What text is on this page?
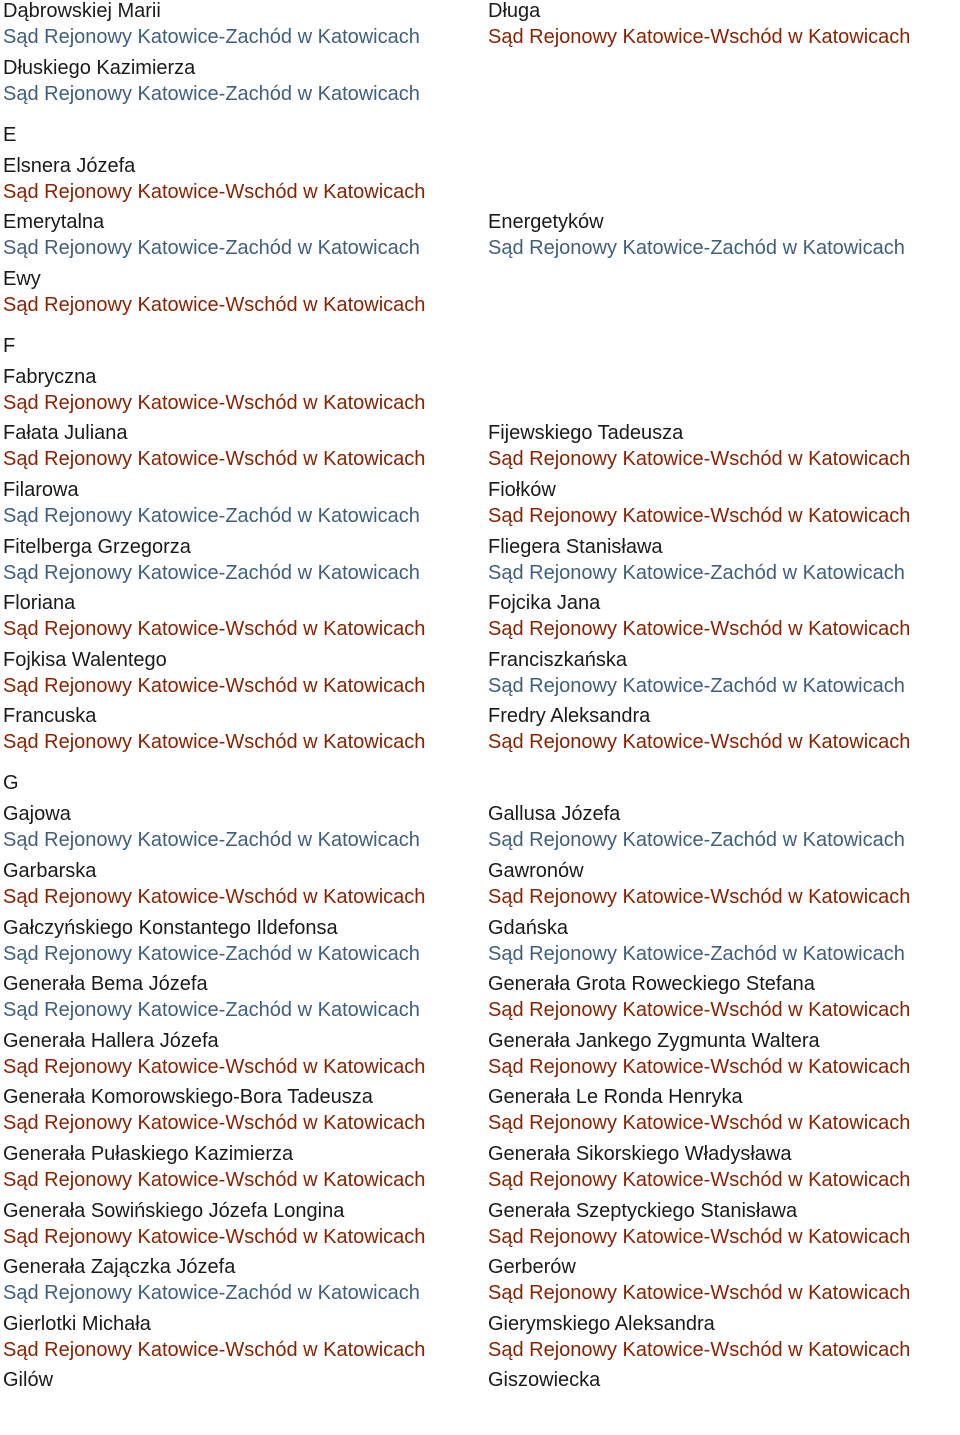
Dąbrowskiej Marii
Sąd Rejonowy Katowice-Zachód w Katowicach
Długa
Sąd Rejonowy Katowice-Wschód w Katowicach
Dłuskiego Kazimierza
Sąd Rejonowy Katowice-Zachód w Katowicach
E
Elsnera Józefa
Sąd Rejonowy Katowice-Wschód w Katowicach
Emerytalna
Sąd Rejonowy Katowice-Zachód w Katowicach
Energetyków
Sąd Rejonowy Katowice-Zachód w Katowicach
Ewy
Sąd Rejonowy Katowice-Wschód w Katowicach
F
Fabryczna
Sąd Rejonowy Katowice-Wschód w Katowicach
Fałata Juliana
Sąd Rejonowy Katowice-Wschód w Katowicach
Fijewskiego Tadeusza
Sąd Rejonowy Katowice-Wschód w Katowicach
Filarowa
Sąd Rejonowy Katowice-Zachód w Katowicach
Fiołków
Sąd Rejonowy Katowice-Wschód w Katowicach
Fitelberga Grzegorza
Sąd Rejonowy Katowice-Zachód w Katowicach
Fliegera Stanisława
Sąd Rejonowy Katowice-Zachód w Katowicach
Floriana
Sąd Rejonowy Katowice-Wschód w Katowicach
Fojcika Jana
Sąd Rejonowy Katowice-Wschód w Katowicach
Fojkisa Walentego
Sąd Rejonowy Katowice-Wschód w Katowicach
Franciszkańska
Sąd Rejonowy Katowice-Zachód w Katowicach
Francuska
Sąd Rejonowy Katowice-Wschód w Katowicach
Fredry Aleksandra
Sąd Rejonowy Katowice-Wschód w Katowicach
G
Gajowa
Sąd Rejonowy Katowice-Zachód w Katowicach
Gallusa Józefa
Sąd Rejonowy Katowice-Zachód w Katowicach
Garbarska
Sąd Rejonowy Katowice-Wschód w Katowicach
Gawronów
Sąd Rejonowy Katowice-Wschód w Katowicach
Gałczyńskiego Konstantego Ildefonsa
Sąd Rejonowy Katowice-Zachód w Katowicach
Gdańska
Sąd Rejonowy Katowice-Zachód w Katowicach
Generała Bema Józefa
Sąd Rejonowy Katowice-Zachód w Katowicach
Generała Grota Roweckiego Stefana
Sąd Rejonowy Katowice-Wschód w Katowicach
Generała Hallera Józefa
Sąd Rejonowy Katowice-Wschód w Katowicach
Generała Jankego Zygmunta Waltera
Sąd Rejonowy Katowice-Wschód w Katowicach
Generała Komorowskiego-Bora Tadeusza
Sąd Rejonowy Katowice-Wschód w Katowicach
Generała Le Ronda Henryka
Sąd Rejonowy Katowice-Wschód w Katowicach
Generała Pułaskiego Kazimierza
Sąd Rejonowy Katowice-Wschód w Katowicach
Generała Sikorskiego Władysława
Sąd Rejonowy Katowice-Wschód w Katowicach
Generała Sowińskiego Józefa Longina
Sąd Rejonowy Katowice-Wschód w Katowicach
Generała Szeptyckiego Stanisława
Sąd Rejonowy Katowice-Wschód w Katowicach
Generała Zajączka Józefa
Sąd Rejonowy Katowice-Zachód w Katowicach
Gerberów
Sąd Rejonowy Katowice-Wschód w Katowicach
Gierlotki Michała
Sąd Rejonowy Katowice-Wschód w Katowicach
Gierymskiego Aleksandra
Sąd Rejonowy Katowice-Wschód w Katowicach
Gilów	Giszowiecka
